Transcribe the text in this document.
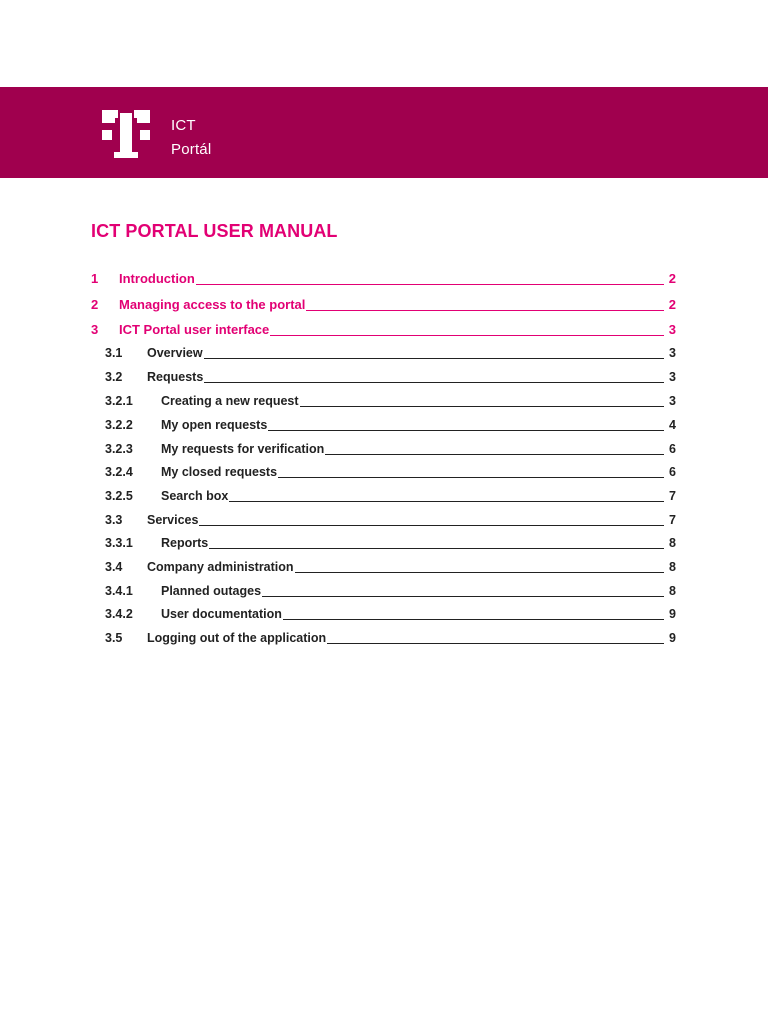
ICT
Portál
ICT PORTAL USER MANUAL
1 Introduction	2
2 Managing access to the portal	2
3 ICT Portal user interface	3
3.1 Overview	3
3.2 Requests	3
3.2.1 Creating a new request	3
3.2.2 My open requests	4
3.2.3 My requests for verification	6
3.2.4 My closed requests	6
3.2.5 Search box	7
3.3 Services	7
3.3.1 Reports	8
3.4 Company administration	8
3.4.1 Planned outages	8
3.4.2 User documentation	9
3.5 Logging out of the application	9
